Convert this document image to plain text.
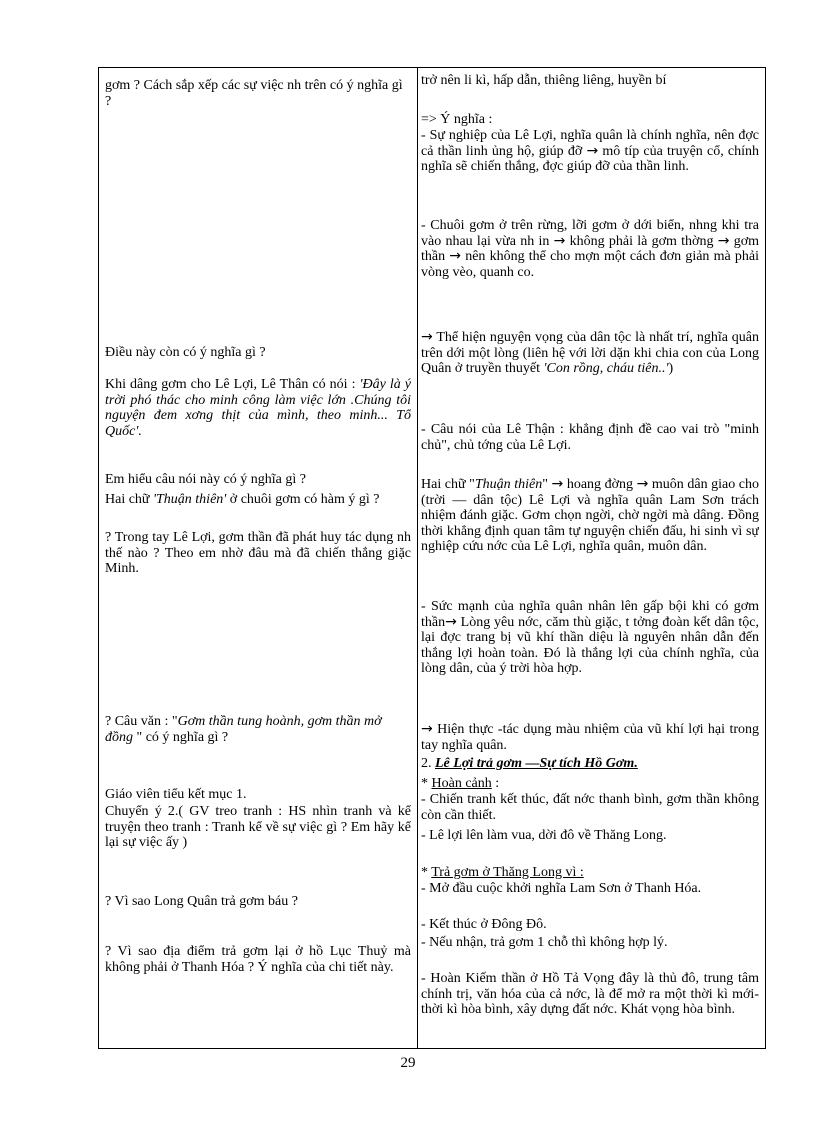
gơm ? Cách sắp xếp các sự việc nh trên có ý nghĩa gì ?
Điều này còn có ý nghĩa gì ?
Khi dâng gơm cho Lê Lợi, Lê Thân có nói : 'Đây là ý trời phó thác cho minh công làm việc lớn .Chúng tôi nguyện đem xơng thịt của mình, theo minh... Tổ Quốc'.
Em hiểu câu nói này có ý nghĩa gì ?
Hai chữ 'Thuận thiên' ở chuôi gơm có hàm ý gì ?
? Trong tay Lê Lợi, gơm thần đã phát huy tác dụng nh thế nào ? Theo em nhờ đâu mà đã chiến thắng giặc Minh.
? Câu văn : "Gơm thần tung hoành, gơm thần mở đồng " có ý nghĩa gì ?
Giáo viên tiểu kết mục 1.
Chuyển ý 2.( GV treo tranh : HS nhìn tranh và kể truyện theo tranh : Tranh kể về sự việc gì ? Em hãy kể lại sự việc ấy )
? Vì sao Long Quân trả gơm báu ?
? Vì sao địa điểm trả gơm lại ở hồ Lục Thuỷ mà không phải ở Thanh Hóa ? Ý nghĩa của chi tiết này.
trở nên li kì, hấp dẫn, thiêng liêng, huyền bí
=> Ý nghĩa :
- Sự nghiệp của Lê Lợi, nghĩa quân là chính nghĩa, nên đợc cả thần linh ủng hộ, giúp đỡ → mô típ của truyện cổ, chính nghĩa sẽ chiến thắng, đợc giúp đỡ của thần linh.
- Chuôi gơm ở trên rừng, lỡi gơm ở dới biển, nhng khi tra vào nhau lại vừa nh in → không phải là gơm thờng → gơm thần → nên không thể cho mợn một cách đơn giản mà phải vòng vèo, quanh co.
→ Thể hiện nguyện vọng của dân tộc là nhất trí, nghĩa quân trên dới một lòng (liên hệ với lời dặn khi chia con của Long Quân ở truyền thuyết 'Con rồng, cháu tiên..')
- Câu nói của Lê Thận : khẳng định đề cao vai trò "minh chủ", chủ tớng của Lê Lợi.
Hai chữ "Thuận thiên" → hoang đờng → muôn dân giao cho (trời — dân tộc) Lê Lợi và nghĩa quân Lam Sơn trách nhiệm đánh giặc. Gơm chọn ngời, chờ ngời mà dâng. Đồng thời khẳng định quan tâm tự nguyện chiến đấu, hi sinh vì sự nghiệp cứu nớc của Lê Lợi, nghĩa quân, muôn dân.
- Sức mạnh của nghĩa quân nhân lên gấp bội khi có gơm thần→ Lòng yêu nớc, căm thù giặc, t tởng đoàn kết dân tộc, lại đợc trang bị vũ khí thần diệu là nguyên nhân dẫn đến thắng lợi hoàn toàn. Đó là thắng lợi của chính nghĩa, của lòng dân, của ý trời hòa hợp.
→ Hiện thực -tác dụng màu nhiệm của vũ khí lợi hại trong tay nghĩa quân.
2. Lê Lợi trả gơm —Sự tích Hồ Gơm.
* Hoàn cảnh :
- Chiến tranh kết thúc, đất nớc thanh bình, gơm thần không còn cần thiết.
- Lê lợi lên làm vua, dời đô về Thăng Long.
* Trả gơm ở Thăng Long vì :
- Mở đầu cuộc khởi nghĩa Lam Sơn ở Thanh Hóa.
- Kết thúc ở Đông Đô.
- Nếu nhận, trả gơm 1 chỗ thì không hợp lý.
- Hoàn Kiếm thần ở Hồ Tả Vọng đây là thủ đô, trung tâm chính trị, văn hóa của cả nớc, là để mở ra một thời kì mới- thời kì hòa bình, xây dựng đất nớc. Khát vọng hòa bình.
29
